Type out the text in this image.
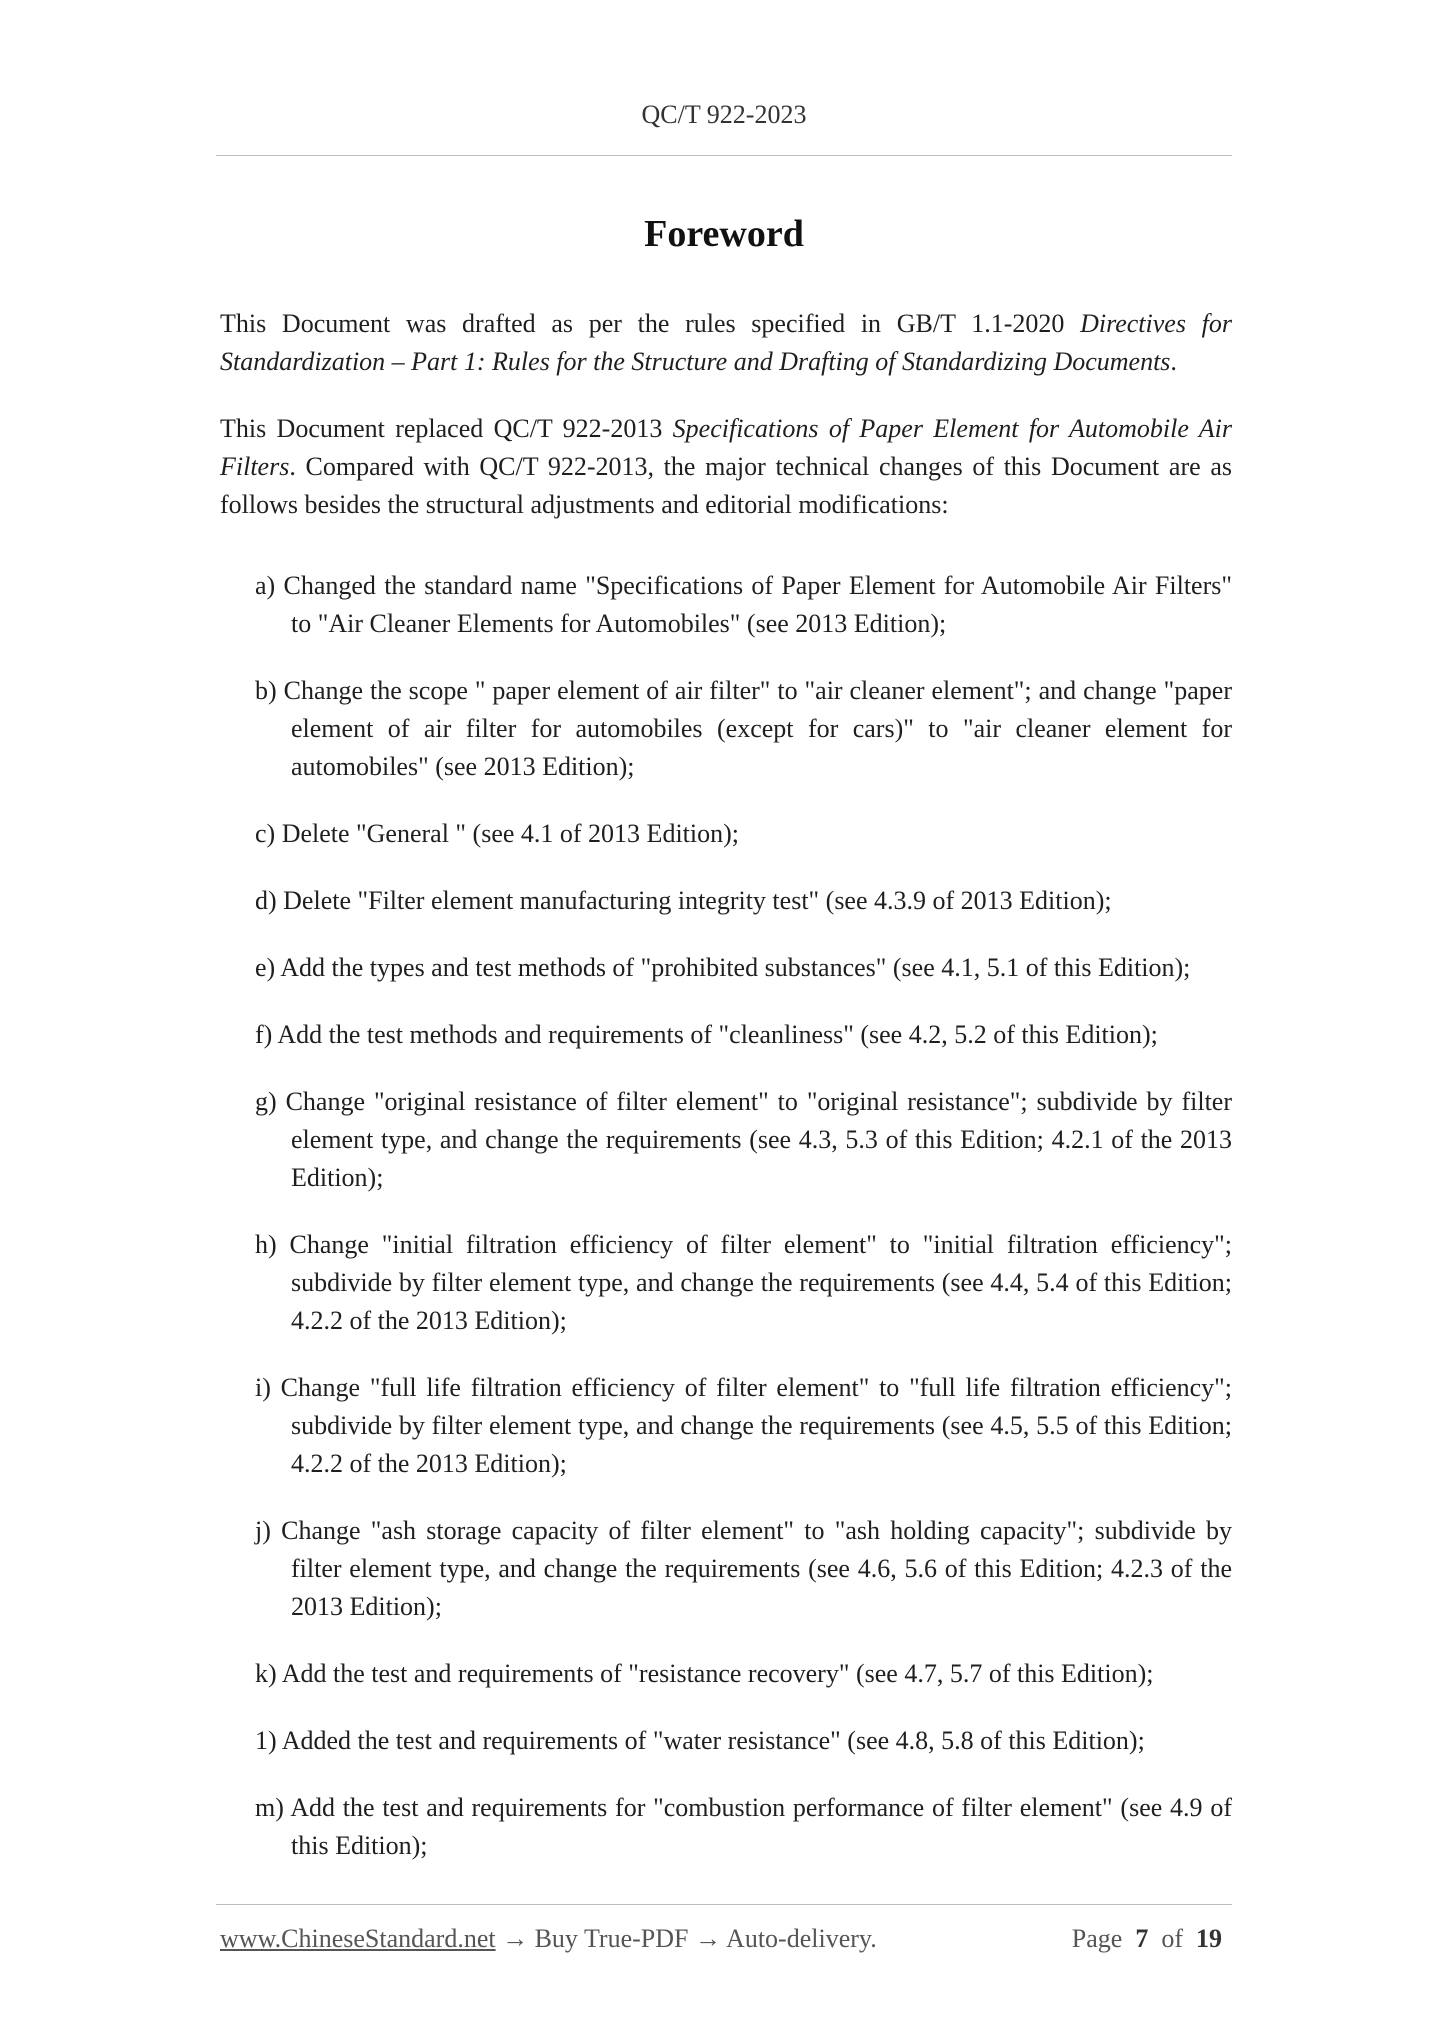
QC/T 922-2023
Foreword

This Document was drafted as per the rules specified in GB/T 1.1-2020 Directives for Standardization – Part 1: Rules for the Structure and Drafting of Standardizing Documents.

This Document replaced QC/T 922-2013 Specifications of Paper Element for Automobile Air Filters. Compared with QC/T 922-2013, the major technical changes of this Document are as follows besides the structural adjustments and editorial modifications:

a) Changed the standard name "Specifications of Paper Element for Automobile Air Filters" to "Air Cleaner Elements for Automobiles" (see 2013 Edition);
b) Change the scope " paper element of air filter" to "air cleaner element"; and change "paper element of air filter for automobiles (except for cars)" to "air cleaner element for automobiles" (see 2013 Edition);
c) Delete "General " (see 4.1 of 2013 Edition);
d) Delete "Filter element manufacturing integrity test" (see 4.3.9 of 2013 Edition);
e) Add the types and test methods of "prohibited substances" (see 4.1, 5.1 of this Edition);
f) Add the test methods and requirements of "cleanliness" (see 4.2, 5.2 of this Edition);
g) Change "original resistance of filter element" to "original resistance"; subdivide by filter element type, and change the requirements (see 4.3, 5.3 of this Edition; 4.2.1 of the 2013 Edition);
h) Change "initial filtration efficiency of filter element" to "initial filtration efficiency"; subdivide by filter element type, and change the requirements (see 4.4, 5.4 of this Edition; 4.2.2 of the 2013 Edition);
i) Change "full life filtration efficiency of filter element" to "full life filtration efficiency"; subdivide by filter element type, and change the requirements (see 4.5, 5.5 of this Edition; 4.2.2 of the 2013 Edition);
j) Change "ash storage capacity of filter element" to "ash holding capacity"; subdivide by filter element type, and change the requirements (see 4.6, 5.6 of this Edition; 4.2.3 of the 2013 Edition);
k) Add the test and requirements of "resistance recovery" (see 4.7, 5.7 of this Edition);
1) Added the test and requirements of "water resistance" (see 4.8, 5.8 of this Edition);
m) Add the test and requirements for "combustion performance of filter element" (see 4.9 of this Edition);
www.ChineseStandard.net → Buy True-PDF → Auto-delivery.	Page 7 of 19
